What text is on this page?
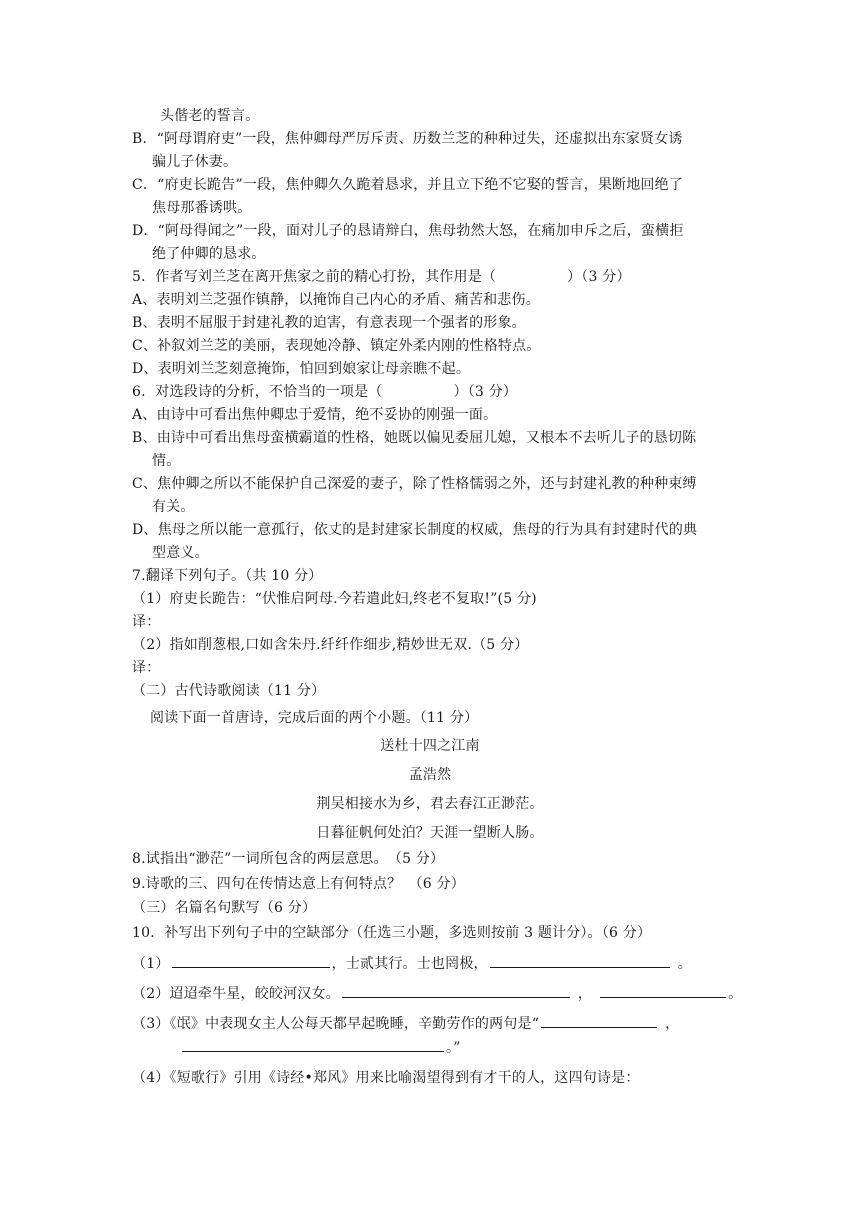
头偕老的誓言。
B．“阿母谓府吏”一段，焦仲卿母严厉斥责、历数兰芝的种种过失，还虚拟出东家贤女诱
骗儿子休妻。
C．“府吏长跪告”一段，焦仲卿久久跪着恳求，并且立下绝不它娶的誓言，果断地回绝了
焦母那番诱哄。
D．“阿母得闻之”一段，面对儿子的恳请辩白，焦母勃然大怒，在痛加申斥之后，蛮横拒
绝了仲卿的恳求。
5．作者写刘兰芝在离开焦家之前的精心打扮，其作用是（　　　　　）（3 分）
A、表明刘兰芝强作镇静，以掩饰自己内心的矛盾、痛苦和悲伤。
B、表明不屈服于封建礼教的迫害，有意表现一个强者的形象。
C、补叙刘兰芝的美丽，表现她冷静、镇定外柔内刚的性格特点。
D、表明刘兰芝刻意掩饰，怕回到娘家让母亲瞧不起。
6．对选段诗的分析，不恰当的一项是（　　　　　）（3 分）
A、由诗中可看出焦仲卿忠于爱情，绝不妥协的刚强一面。
B、由诗中可看出焦母蛮横霸道的性格，她既以偏见委屈儿媳，又根本不去听儿子的恳切陈
情。
C、焦仲卿之所以不能保护自己深爱的妻子，除了性格懦弱之外，还与封建礼教的种种束缚
有关。
D、焦母之所以能一意孤行，依丈的是封建家长制度的权威，焦母的行为具有封建时代的典
型意义。
7.翻译下列句子。（共 10 分）
（1）府吏长跪告：“伏惟启阿母.今若遣此妇,终老不复取!”(5 分)
译：
（2）指如削葱根,口如含朱丹.纤纤作细步,精妙世无双.（5 分）
译：
（二）古代诗歌阅读（11 分）
阅读下面一首唐诗，完成后面的两个小题。（11 分）
送杜十四之江南
孟浩然
荆吴相接水为乡，君去春江正渺茫。
日暮征帆何处泊？天涯一望断人肠。
8.试指出“渺茫”一词所包含的两层意思。　（5 分）
9.诗歌的三、四句在传情达意上有何特点？　（6 分）
（三）名篇名句默写（6 分）
10．补写出下列句子中的空缺部分（任选三小题，多选则按前 3 题计分）。（6 分）
（1）	，士贰其行。士也罔极，	。
（2）迢迢牵牛星，皎皎河汉女。	，	。
（3）《氓》中表现女主人公每天都早起晚睡，辛勤劳作的两句是“	，
。”
（4）《短歌行》引用《诗经•郑风》用来比喻渴望得到有才干的人，这四句诗是：
